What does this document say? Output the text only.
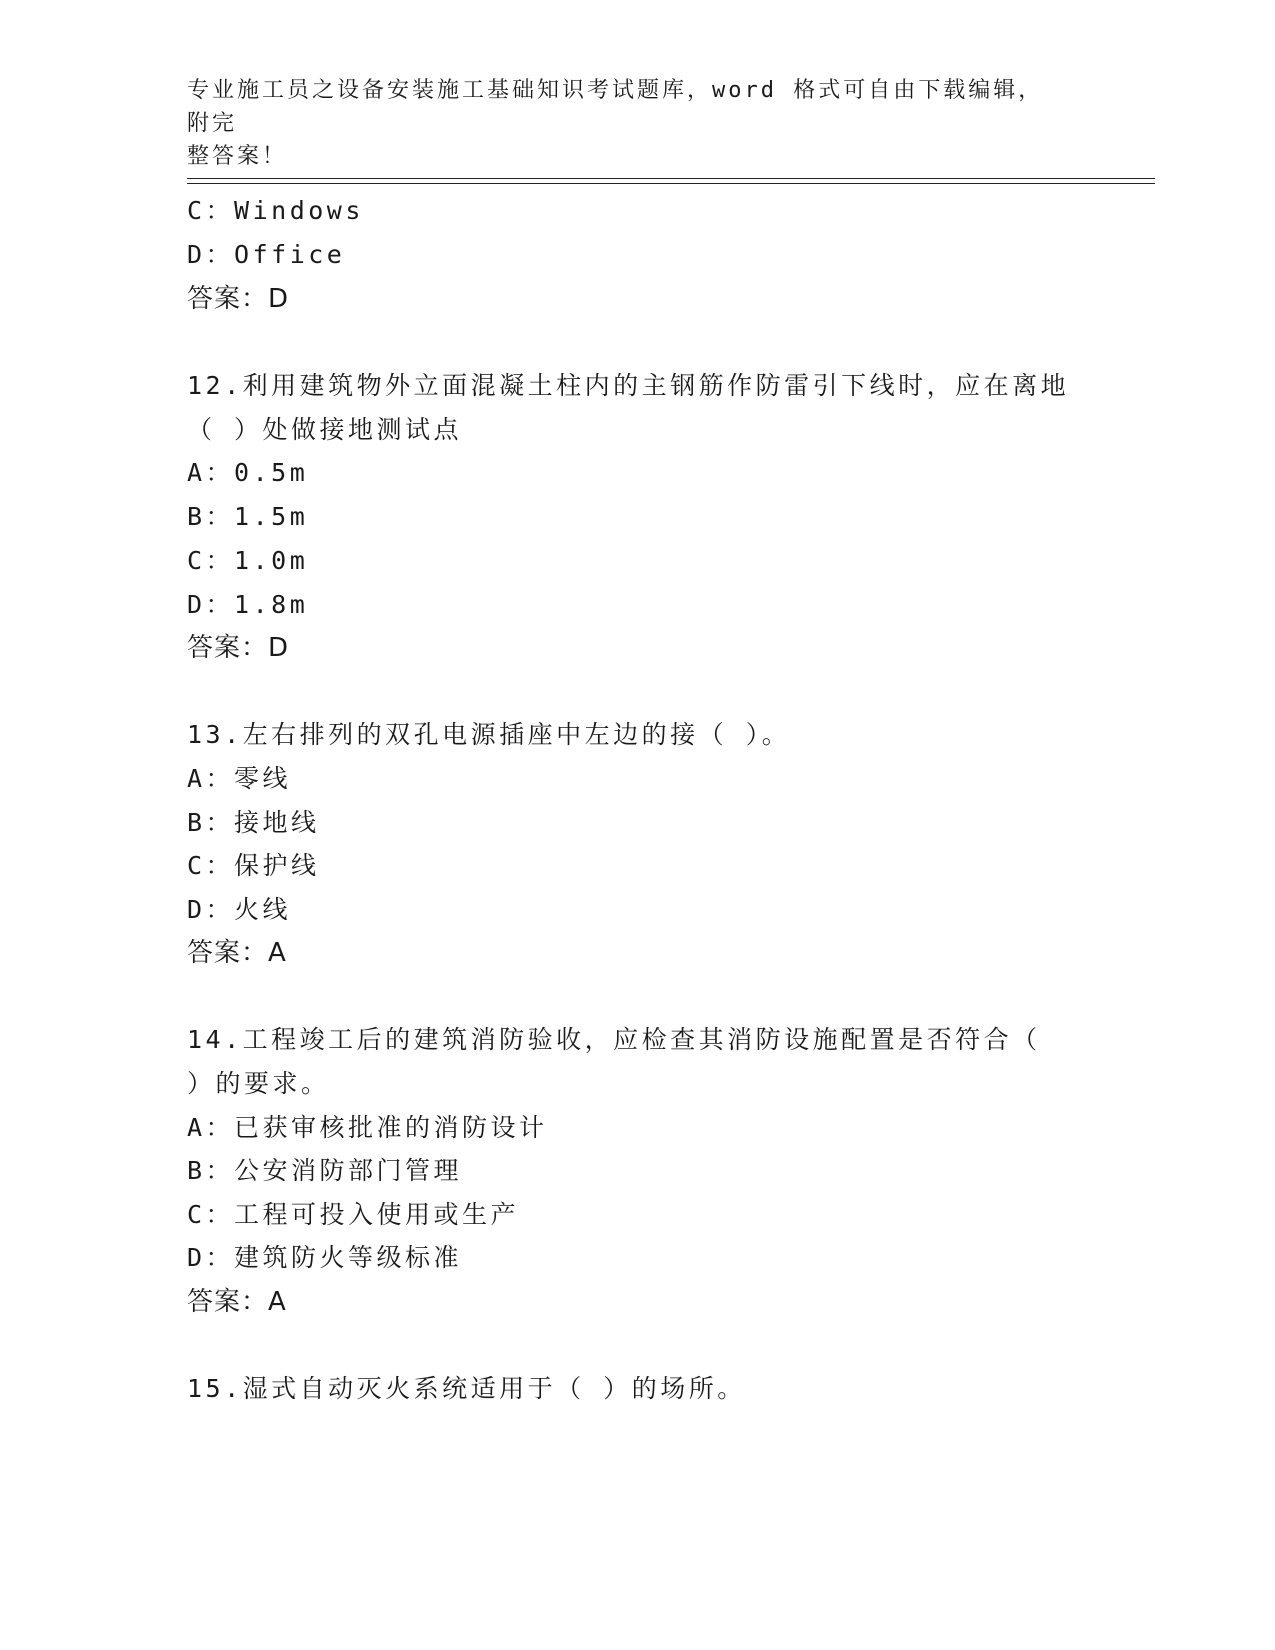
专业施工员之设备安装施工基础知识考试题库，word 格式可自由下载编辑，附完
整答案！
C：Windows
D：Office
答案：D
12.利用建筑物外立面混凝土柱内的主钢筋作防雷引下线时，应在离地
（ ）处做接地测试点
A：0.5m
B：1.5m
C：1.0m
D：1.8m
答案：D
13.左右排列的双孔电源插座中左边的接（ ）。
A：零线
B：接地线
C：保护线
D：火线
答案：A
14.工程竣工后的建筑消防验收，应检查其消防设施配置是否符合（
）的要求。
A：已获审核批准的消防设计
B：公安消防部门管理
C：工程可投入使用或生产
D：建筑防火等级标准
答案：A
15.湿式自动灭火系统适用于（ ）的场所。
